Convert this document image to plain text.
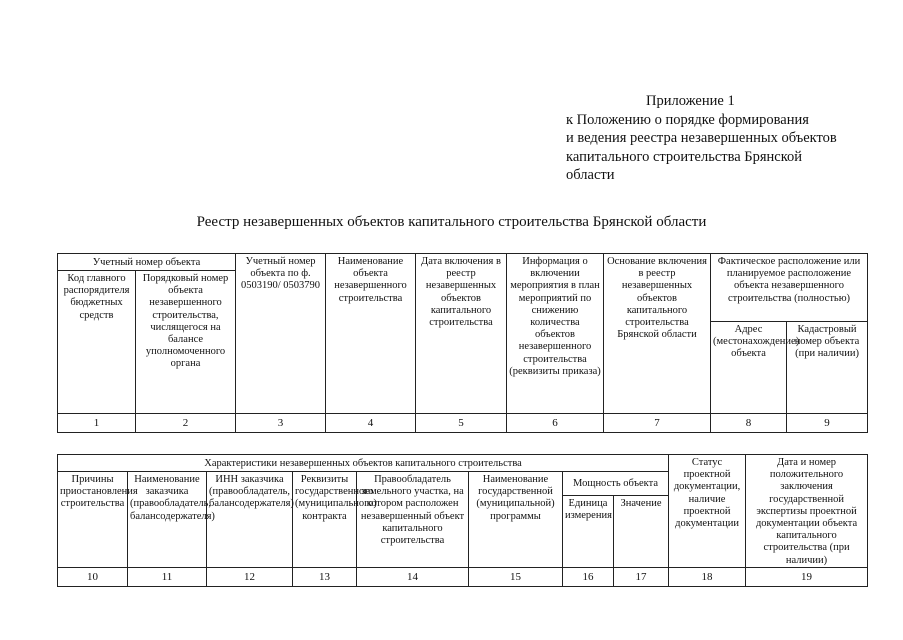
Приложение 1
к Положению о порядке формирования
и ведения реестра незавершенных объектов
капитального строительства Брянской
области
Реестр незавершенных объектов капитального строительства Брянской области
Учетный номер объекта		Учетный номер объекта по ф. 0503190/ 0503790	Наименование объекта незавершенного строительства	Дата включения в реестр незавершенных объектов капитального строительства	Информация о включении мероприятия в план мероприятий по снижению количества объектов незавершенного строительства (реквизиты приказа)	Основание включения в реестр незавершенных объектов капитального строительства Брянской области	Фактическое расположение или планируемое расположение объекта незавершенного строительства (полностью)	
Код главного распорядителя бюджетных средств	Порядковый номер объекта незавершенного строительства, числящегося на балансе уполномоченного органа							
							Адрес (местонахождение) объекта	Кадастровый номер объекта (при наличии)
1	2	3	4	5	6	7	8	9
Характеристики незавершенных объектов капитального строительства								Статус проектной документации, наличие проектной документации	Дата и номер положительного заключения государственной экспертизы проектной документации объекта капитального строительства (при наличии)
Причины приостановления строительства	Наименование заказчика (правообладатель, балансодержателя)	ИНН заказчика (правообладатель, балансодержателя)	Реквизиты государственного (муниципального) контракта	Правообладатель земельного участка, на котором расположен незавершенный объект капитального строительства	Наименование государственной (муниципальной) программы	Мощность объекта			
						Единица измерения	Значение		
10	11	12	13	14	15	16	17	18	19
